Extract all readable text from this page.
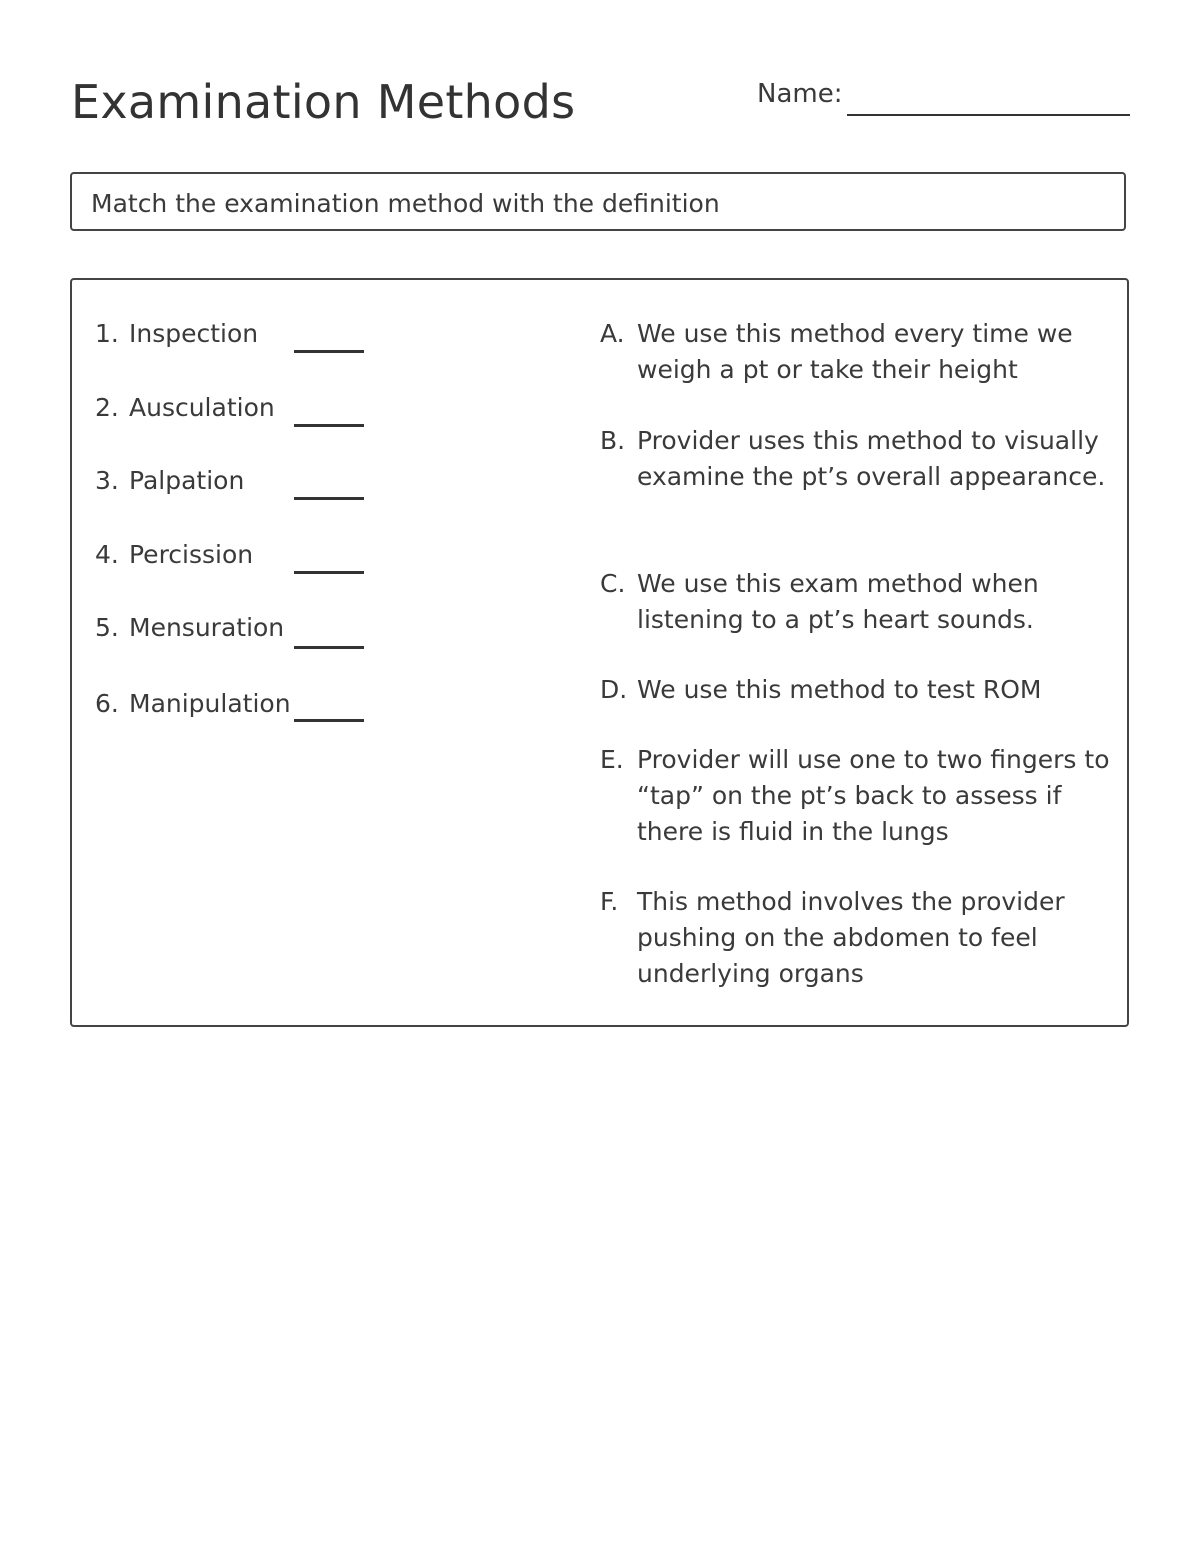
Examination Methods	Name:
Match the examination method with the definition
1. Inspection
2. Ausculation
3. Palpation
4. Percission
5. Mensuration
6. Manipulation
A. We use this method every time we weigh a pt or take their height
B. Provider uses this method to visually examine the pt’s overall appearance.
C. We use this exam method when listening to a pt’s heart sounds.
D. We use this method to test ROM
E. Provider will use one to two fingers to “tap” on the pt’s back to assess if there is fluid in the lungs
F. This method involves the provider pushing on the abdomen to feel underlying organs
